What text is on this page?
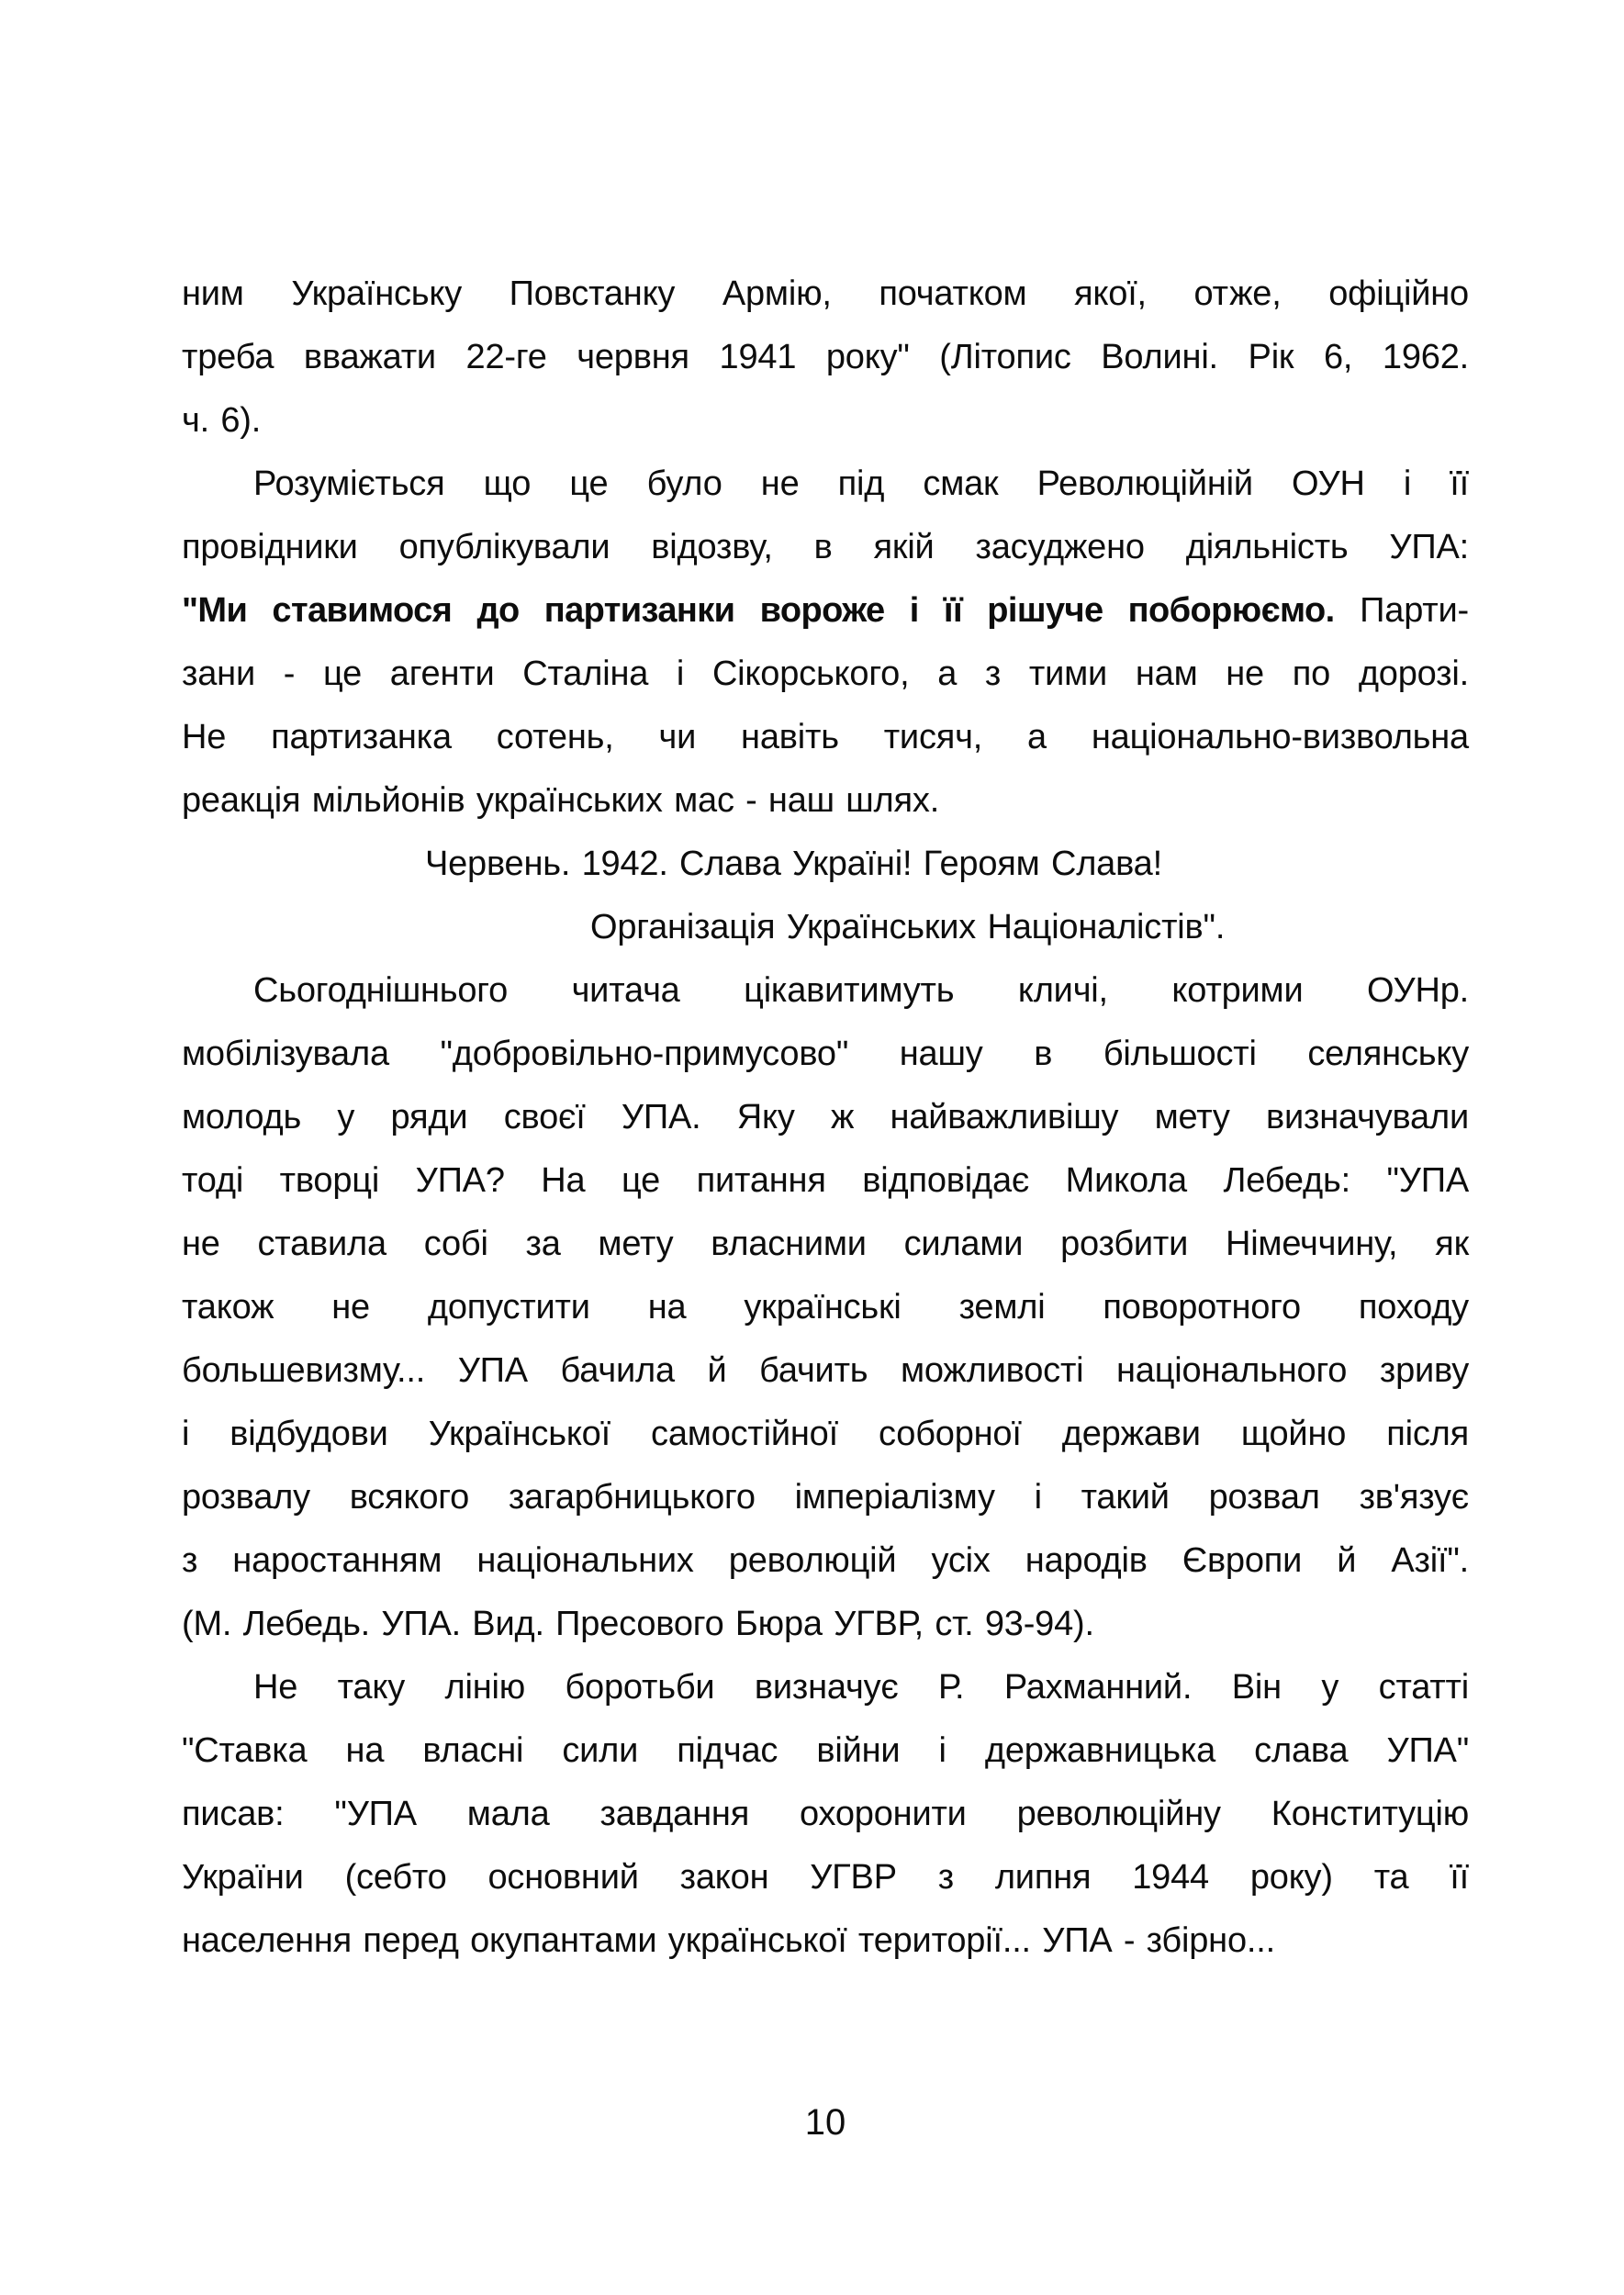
ним Українську Повстанку Армію, початком якої, отже, офіційно
треба вважати 22-ге червня 1941 року" (Літопис Волині. Рік 6, 1962.
ч. 6).
Розуміється що це було не під смак Революційній ОУН і її
провідники опублікували відозву, в якій засуджено діяльність УПА:
"Ми ставимося до партизанки вороже і її рішуче поборюємо. Парти-
зани - це агенти Сталіна і Сікорського, а з тими нам не по дорозі.
Не партизанка сотень, чи навіть тисяч, а національно-визвольна
реакція мільйонів українських мас - наш шлях.
Червень. 1942. Слава Україні! Героям Слава!
Організація Українських Націоналістів".
Сьогоднішнього читача цікавитимуть кличі, котрими ОУНр.
мобілізувала "добровільно-примусово" нашу в більшості селянську
молодь у ряди своєї УПА. Яку ж найважливішу мету визначували
тоді творці УПА? На це питання відповідає Микола Лебедь: "УПА
не ставила собі за мету власними силами розбити Німеччину, як
також не допустити на українські землі поворотного походу
большевизму... УПА бачила й бачить можливості національного зриву
і відбудови Української самостійної соборної держави щойно після
розвалу всякого загарбницького імперіалізму і такий розвал зв'язує
з наростанням національних революцій усіх народів Європи й Азії".
(М. Лебедь. УПА. Вид. Пресового Бюра УГВР, ст. 93-94).
Не таку лінію боротьби визначує Р. Рахманний. Він у статті
"Ставка на власні сили підчас війни і державницька слава УПА"
писав: "УПА мала завдання охоронити революційну Конституцію
України (себто основний закон УГВР з липня 1944 року) та її
населення перед окупантами української території... УПА - збірно...
10
